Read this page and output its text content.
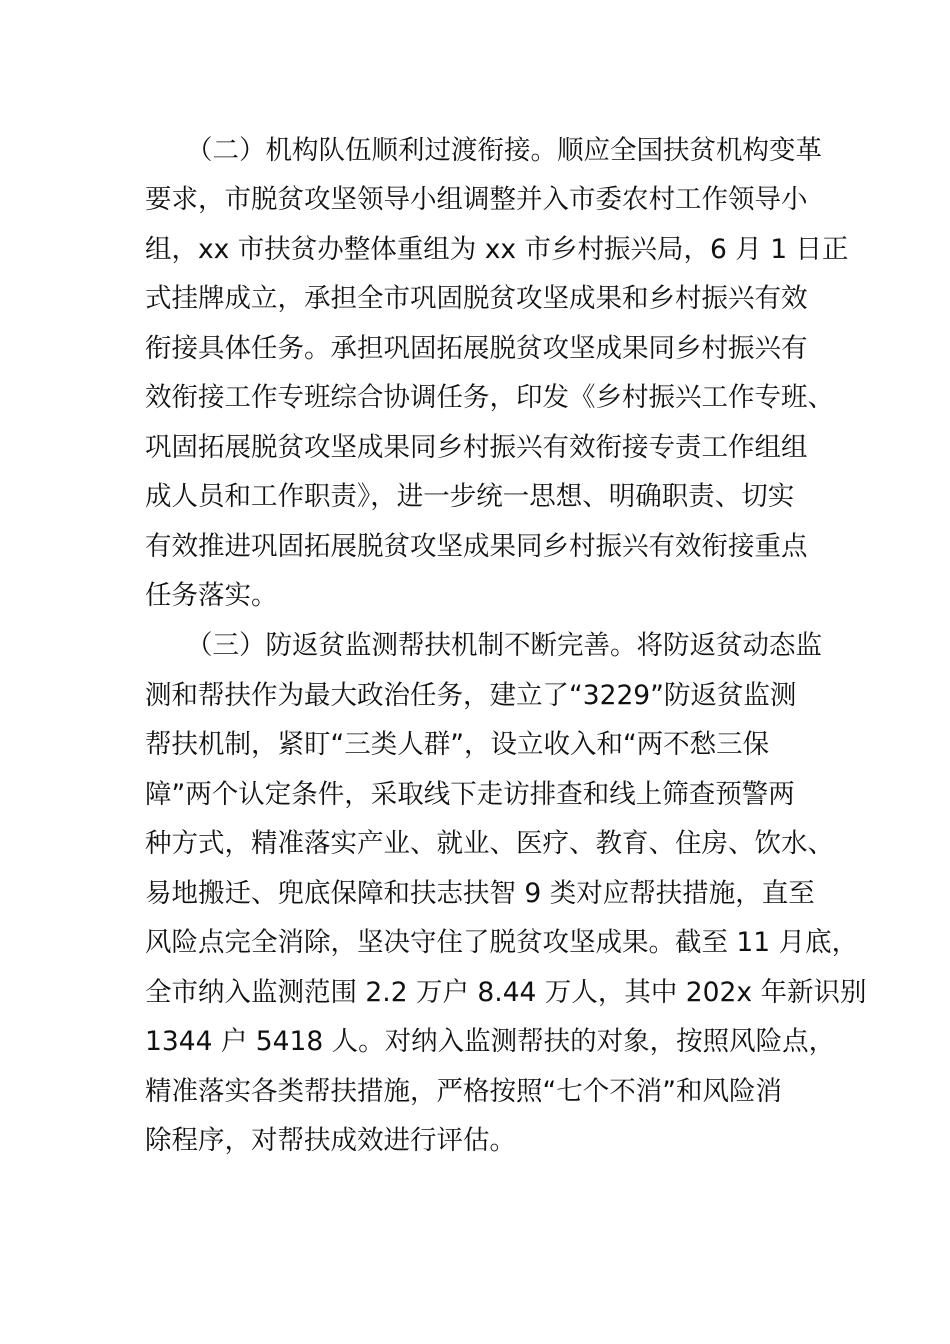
（二）机构队伍顺利过渡衔接。顺应全国扶贫机构变革
要求，市脱贫攻坚领导小组调整并入市委农村工作领导小
组，xx 市扶贫办整体重组为 xx 市乡村振兴局，6 月 1 日正
式挂牌成立，承担全市巩固脱贫攻坚成果和乡村振兴有效
衔接具体任务。承担巩固拓展脱贫攻坚成果同乡村振兴有
效衔接工作专班综合协调任务，印发《乡村振兴工作专班、
巩固拓展脱贫攻坚成果同乡村振兴有效衔接专责工作组组
成人员和工作职责》，进一步统一思想、明确职责、切实
有效推进巩固拓展脱贫攻坚成果同乡村振兴有效衔接重点
任务落实。
（三）防返贫监测帮扶机制不断完善。将防返贫动态监
测和帮扶作为最大政治任务，建立了“3229”防返贫监测
帮扶机制，紧盯“三类人群”，设立收入和“两不愁三保
障”两个认定条件，采取线下走访排查和线上筛查预警两
种方式，精准落实产业、就业、医疗、教育、住房、饮水、
易地搬迁、兜底保障和扶志扶智 9 类对应帮扶措施，直至
风险点完全消除，坚决守住了脱贫攻坚成果。截至 11 月底，
全市纳入监测范围 2.2 万户 8.44 万人，其中 202x 年新识别
1344 户 5418 人。对纳入监测帮扶的对象，按照风险点，
精准落实各类帮扶措施，严格按照“七个不消”和风险消
除程序，对帮扶成效进行评估。
